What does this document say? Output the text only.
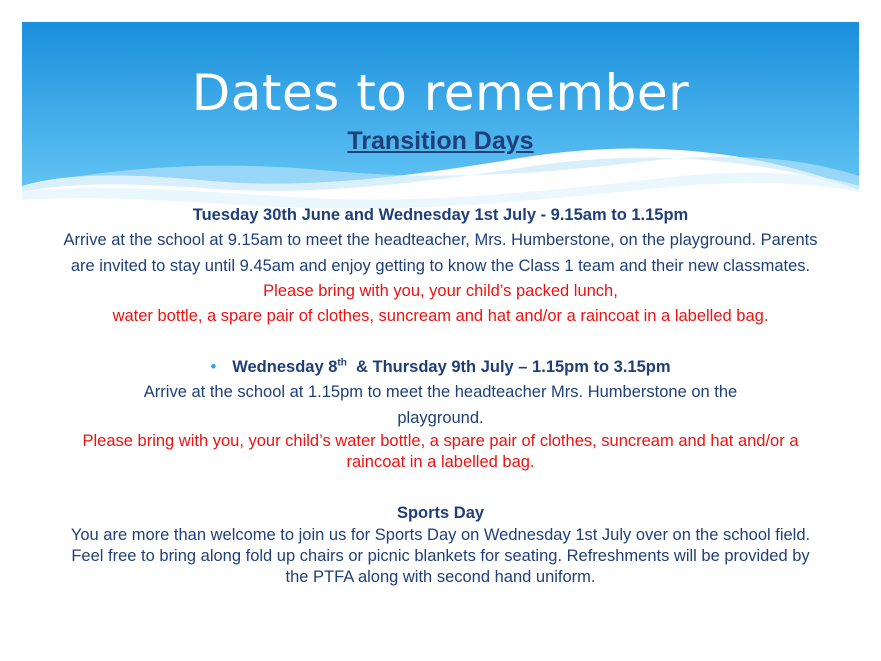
Dates to remember
Transition Days
Tuesday 30th June and Wednesday 1st July - 9.15am to 1.15pm
Arrive at the school at 9.15am to meet the headteacher, Mrs. Humberstone, on the playground. Parents are invited to stay until 9.45am and enjoy getting to know the Class 1 team and their new classmates.
Please bring with you, your child’s packed lunch,
water bottle, a spare pair of clothes, suncream and hat and/or a raincoat in a labelled bag.
• Wednesday 8th  & Thursday 9th July – 1.15pm to 3.15pm
Arrive at the school at 1.15pm to meet the headteacher Mrs. Humberstone on the playground.
Please bring with you, your child’s water bottle, a spare pair of clothes, suncream and hat and/or a raincoat in a labelled bag.
Sports Day
You are more than welcome to join us for Sports Day on Wednesday 1st July over on the school field. Feel free to bring along fold up chairs or picnic blankets for seating. Refreshments will be provided by the PTFA along with second hand uniform.
